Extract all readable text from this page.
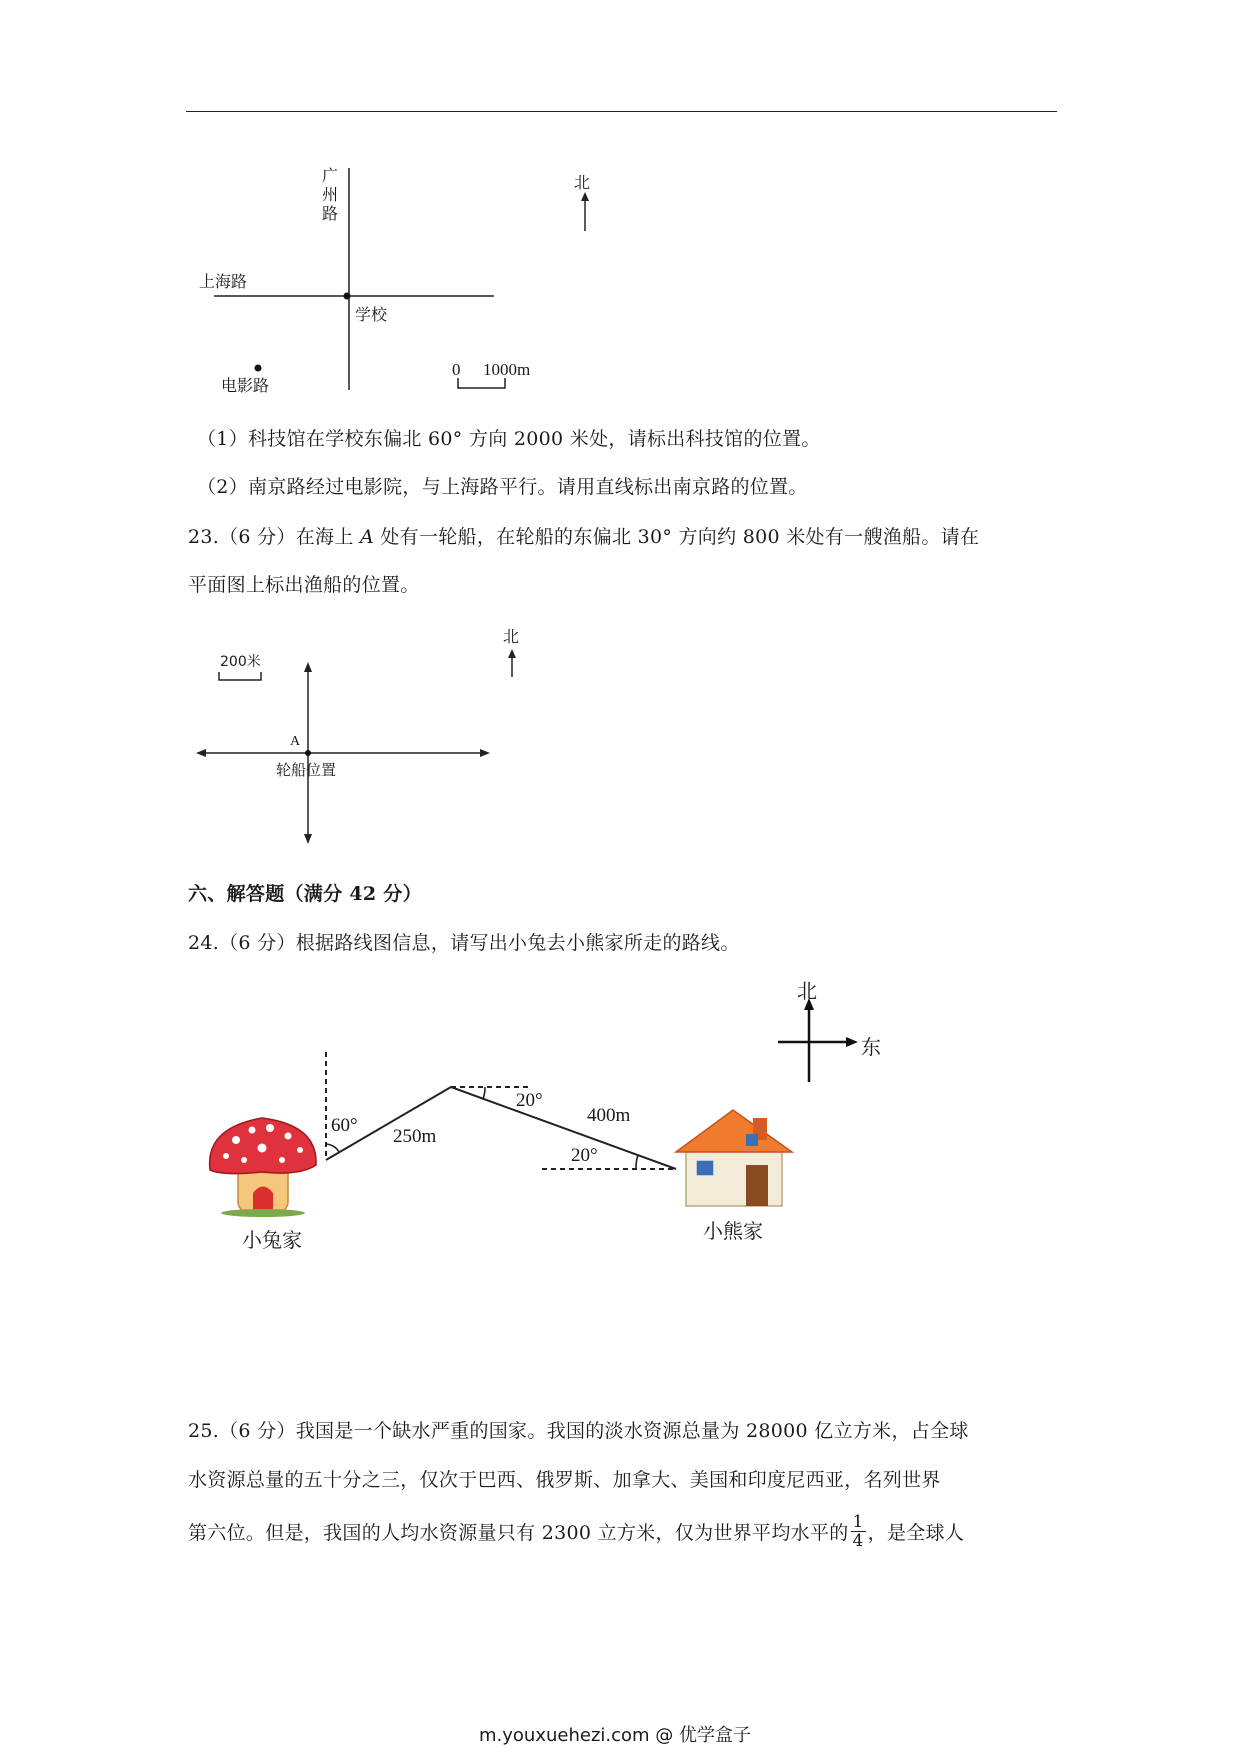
广州路
上海路
学校
电影路
北
0 1000m
（1）科技馆在学校东偏北 60° 方向 2000 米处，请标出科技馆的位置。
（2）南京路经过电影院，与上海路平行。请用直线标出南京路的位置。
23.（6 分）在海上 A 处有一轮船，在轮船的东偏北 30° 方向约 800 米处有一艘渔船。请在
平面图上标出渔船的位置。
200米
北
A
轮船位置
六、解答题（满分 42 分）
24.（6 分）根据路线图信息，请写出小兔去小熊家所走的路线。
北
东
60°
250m
20°
400m
20°
小兔家	小熊家
25.（6 分）我国是一个缺水严重的国家。我国的淡水资源总量为 28000 亿立方米，占全球
水资源总量的五十分之三，仅次于巴西、俄罗斯、加拿大、美国和印度尼西亚，名列世界
第六位。但是，我国的人均水资源量只有 2300 立方米，仅为世界平均水平的 $\frac{1}{4}$ ，是全球人
m.youxuehezi.com @ 优学盒子
